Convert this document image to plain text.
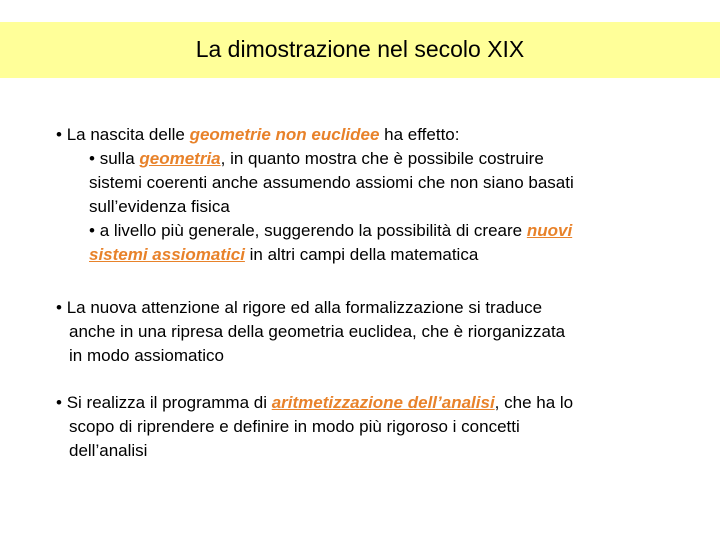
La dimostrazione nel secolo XIX
• La nascita delle geometrie non euclidee ha effetto:
• sulla geometria, in quanto mostra che è possibile costruire
sistemi coerenti anche assumendo assiomi che non siano basati
sull’evidenza fisica
• a livello più generale, suggerendo la possibilità di creare nuovi
sistemi assiomatici in altri campi della matematica
• La nuova attenzione al rigore ed alla formalizzazione si traduce
anche in una ripresa della geometria euclidea, che è riorganizzata
in modo assiomatico
• Si realizza il programma di aritmetizzazione dell’analisi, che ha lo
scopo di riprendere e definire in modo più rigoroso i concetti
dell’analisi
